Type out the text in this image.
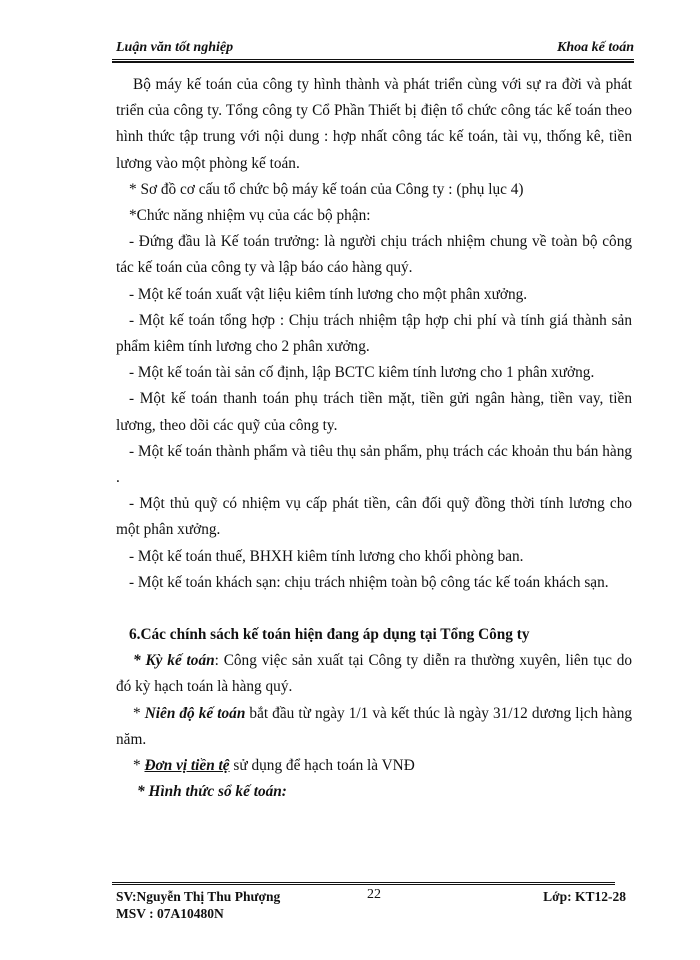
Luận văn tốt nghiệp	Khoa kế toán

Bộ máy kế toán của công ty hình thành và phát triển cùng với sự ra đời và phát triển của công ty. Tổng công ty Cổ Phần Thiết bị điện tổ chức công tác kế toán theo hình thức tập trung với nội dung : hợp nhất công tác kế toán, tài vụ, thống kê, tiền lương vào một phòng kế toán.

* Sơ đồ cơ cấu tổ chức bộ máy kế toán của Công ty : (phụ lục 4)

*Chức năng nhiệm vụ của các bộ phận:

- Đứng đầu là Kế toán trưởng: là người chịu trách nhiệm chung về toàn bộ công tác kế toán của công ty và lập báo cáo hàng quý.

- Một kế toán xuất vật liệu kiêm tính lương cho một phân xưởng.

- Một kế toán tổng hợp : Chịu trách nhiệm tập hợp chi phí và tính giá thành sản phẩm kiêm tính lương cho 2 phân xưởng.

- Một kế toán tài sản cố định, lập BCTC kiêm tính lương cho 1 phân xưởng.

- Một kế toán thanh toán phụ trách tiền mặt, tiền gửi ngân hàng, tiền vay, tiền lương, theo dõi các quỹ của công ty.

- Một kế toán thành phẩm và tiêu thụ sản phẩm, phụ trách các khoản thu bán hàng .

- Một thủ quỹ có nhiệm vụ cấp phát tiền, cân đối quỹ đồng thời tính lương cho một phân xưởng.

- Một kế toán thuế, BHXH kiêm tính lương cho khối phòng ban.

- Một kế toán khách sạn: chịu trách nhiệm toàn bộ công tác kế toán khách sạn.

6.Các chính sách kế toán hiện đang áp dụng tại Tổng Công ty

* Kỳ kế toán: Công việc sản xuất tại Công ty diễn ra thường xuyên, liên tục do đó kỳ hạch toán là hàng quý.

* Niên độ kế toán bắt đầu từ ngày 1/1 và kết thúc là ngày 31/12 dương lịch hàng năm.

* Đơn vị tiền tệ sử dụng để hạch toán là VNĐ

* Hình thức sổ kế toán:

SV:Nguyễn Thị Thu Phượng
MSV : 07A10480N
22	Lớp: KT12-28
